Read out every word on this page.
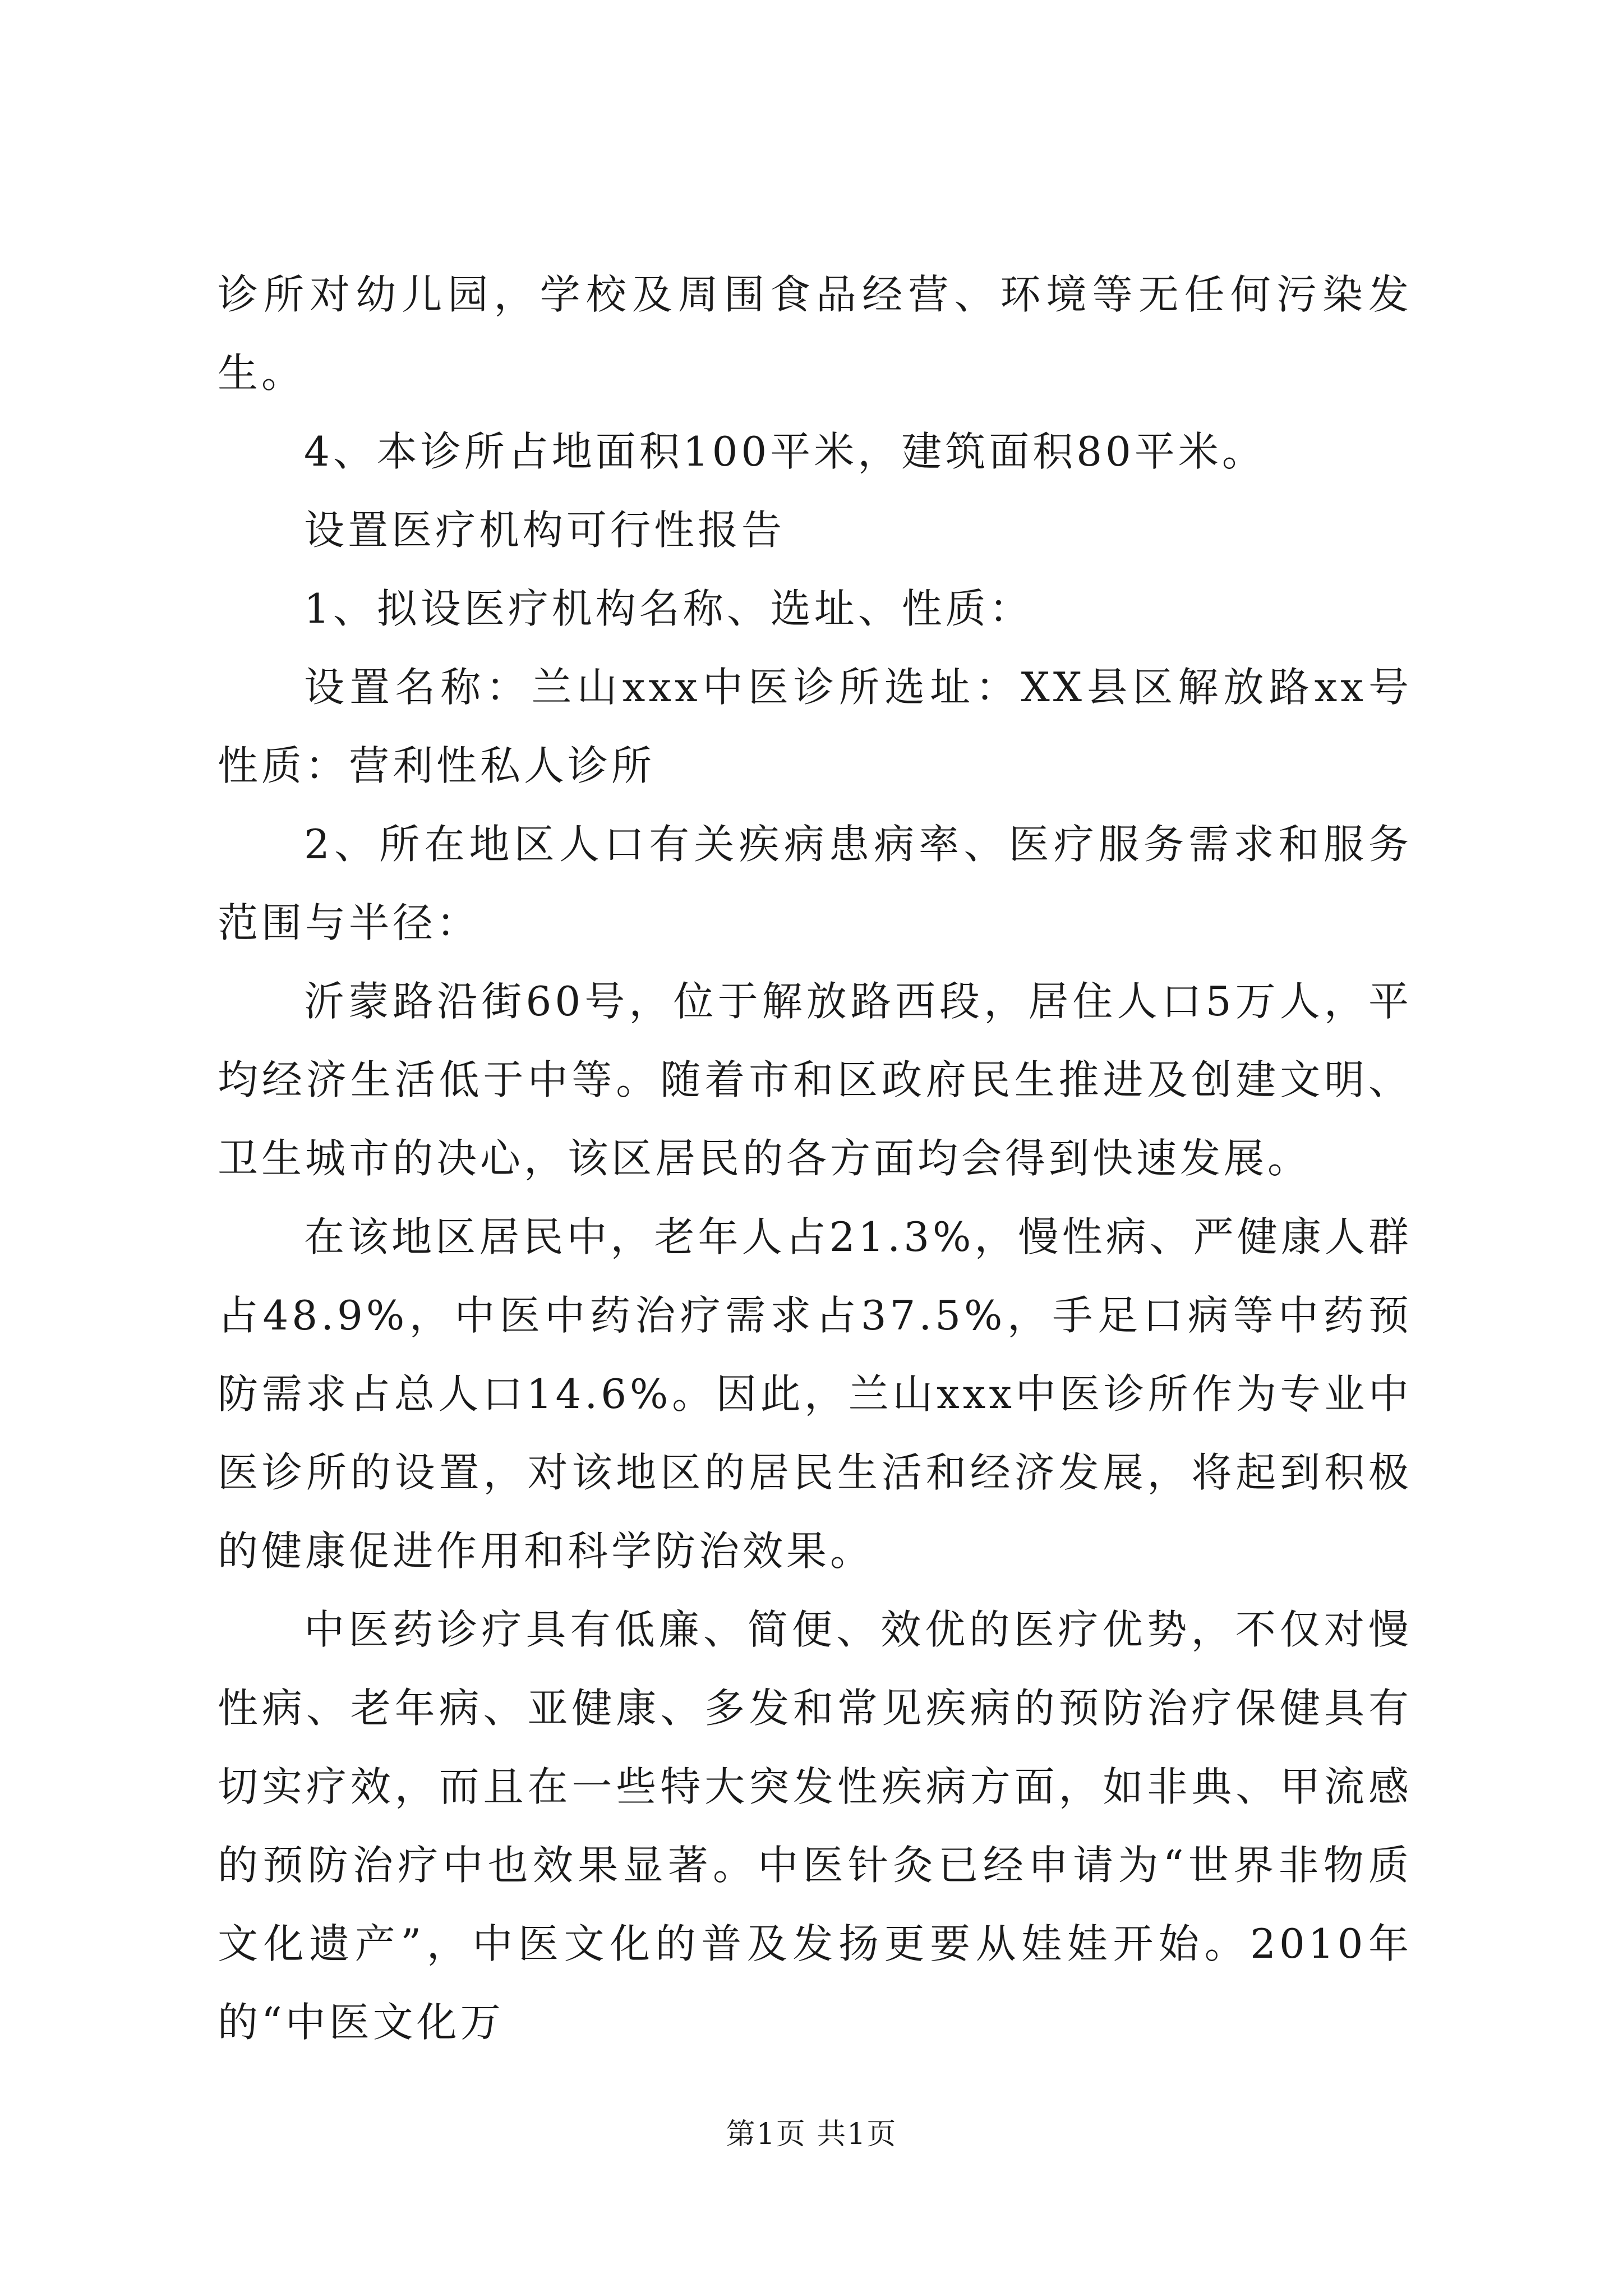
诊所对幼儿园，学校及周围食品经营、环境等无任何污染发生。

4、本诊所占地面积100平米，建筑面积80平米。

设置医疗机构可行性报告

1、拟设医疗机构名称、选址、性质：

设置名称：兰山xxx中医诊所选址：XX县区解放路xx号性质：营利性私人诊所

2、所在地区人口有关疾病患病率、医疗服务需求和服务范围与半径：

沂蒙路沿街60号，位于解放路西段，居住人口5万人，平均经济生活低于中等。随着市和区政府民生推进及创建文明、卫生城市的决心，该区居民的各方面均会得到快速发展。

在该地区居民中，老年人占21.3%，慢性病、严健康人群占48.9%，中医中药治疗需求占37.5%，手足口病等中药预防需求占总人口14.6%。因此，兰山xxx中医诊所作为专业中医诊所的设置，对该地区的居民生活和经济发展，将起到积极的健康促进作用和科学防治效果。

中医药诊疗具有低廉、简便、效优的医疗优势，不仅对慢性病、老年病、亚健康、多发和常见疾病的预防治疗保健具有切实疗效，而且在一些特大突发性疾病方面，如非典、甲流感的预防治疗中也效果显著。中医针灸已经申请为“世界非物质文化遗产”，中医文化的普及发扬更要从娃娃开始。2010年的“中医文化万

第1页 共1页
